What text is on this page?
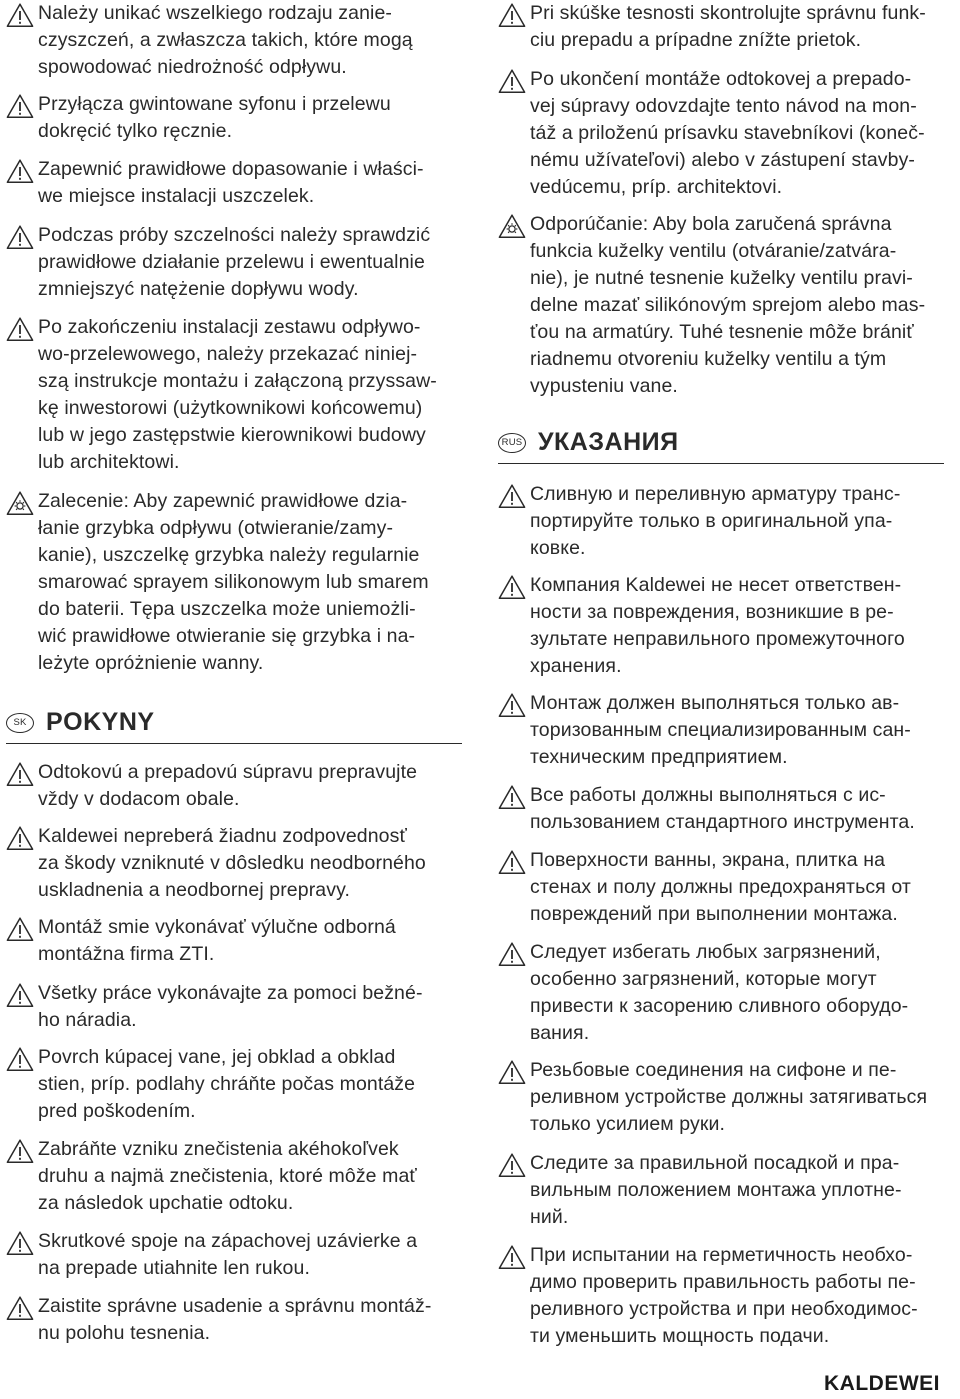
Należy unikać wszelkiego rodzaju zanie-
czyszczeń, a zwłaszcza takich, które mogą
spowodować niedrożność odpływu.
Przyłącza gwintowane syfonu i przelewu
dokręcić tylko ręcznie.
Zapewnić prawidłowe dopasowanie i właści-
we miejsce instalacji uszczelek.
Podczas próby szczelności należy sprawdzić
prawidłowe działanie przelewu i ewentualnie
zmniejszyć natężenie dopływu wody.
Po zakończeniu instalacji zestawu odpływo-
wo-przelewowego, należy przekazać niniej-
szą instrukcje montażu i załączoną przyssaw-
kę inwestorowi (użytkownikowi końcowemu)
lub w jego zastępstwie kierownikowi budowy
lub architektowi.
Zalecenie: Aby zapewnić prawidłowe dzia-
łanie grzybka odpływu (otwieranie/zamy-
kanie), uszczelkę grzybka należy regularnie
smarować sprayem silikonowym lub smarem
do baterii. Tępa uszczelka może uniemożli-
wić prawidłowe otwieranie się grzybka i na-
leżyte opróżnienie wanny.
SK POKYNY
Odtokovú a prepadovú súpravu prepravujte
vždy v dodacom obale.
Kaldewei nepreberá žiadnu zodpovednosť
za škody vzniknuté v dôsledku neodborného
uskladnenia a neodbornej prepravy.
Montáž smie vykonávať výlučne odborná
montážna firma ZTI.
Všetky práce vykonávajte za pomoci bežné-
ho náradia.
Povrch kúpacej vane, jej obklad a obklad
stien, príp. podlahy chráňte počas montáže
pred poškodením.
Zabráňte vzniku znečistenia akéhokoľvek
druhu a najmä znečistenia, ktoré môže mať
za následok upchatie odtoku.
Skrutkové spoje na zápachovej uzávierke a
na prepade utiahnite len rukou.
Zaistite správne usadenie a správnu montáž-
nu polohu tesnenia.
Pri skúške tesnosti skontrolujte správnu funk-
ciu prepadu a prípadne znížte prietok.
Po ukončení montáže odtokovej a prepado-
vej súpravy odovzdajte tento návod na mon-
táž a priloženú prísavku stavebníkovi (koneč-
nému užívateľovi) alebo v zástupení stavby-
vedúcemu, príp. architektovi.
Odporúčanie: Aby bola zaručená správna
funkcia kuželky ventilu (otváranie/zatvára-
nie), je nutné tesnenie kuželky ventilu pravi-
delne mazať silikónovým sprejom alebo mas-
ťou na armatúry. Tuhé tesnenie môže brániť
riadnemu otvoreniu kuželky ventilu a tým
vypusteniu vane.
RUS УКАЗАНИЯ
Сливную и переливную арматуру транс-
портируйте только в оригинальной упа-
ковке.
Компания Kaldewei не несет ответствен-
ности за повреждения, возникшие в ре-
зультате неправильного промежуточного
хранения.
Монтаж должен выполняться только ав-
торизованным специализированным сан-
техническим предприятием.
Все работы должны выполняться с ис-
пользованием стандартного инструмента.
Поверхности ванны, экрана, плитка на
стенах и полу должны предохраняться от
повреждений при выполнении монтажа.
Следует избегать любых загрязнений,
особенно загрязнений, которые могут
привести к засорению сливного оборудо-
вания.
Резьбовые соединения на сифоне и пе-
реливном устройстве должны затягиваться
только усилием руки.
Следите за правильной посадкой и пра-
вильным положением монтажа уплотне-
ний.
При испытании на герметичность необхо-
димо проверить правильность работы пе-
реливного устройства и при необходимос-
ти уменьшить мощность подачи.
KALDEWEI
